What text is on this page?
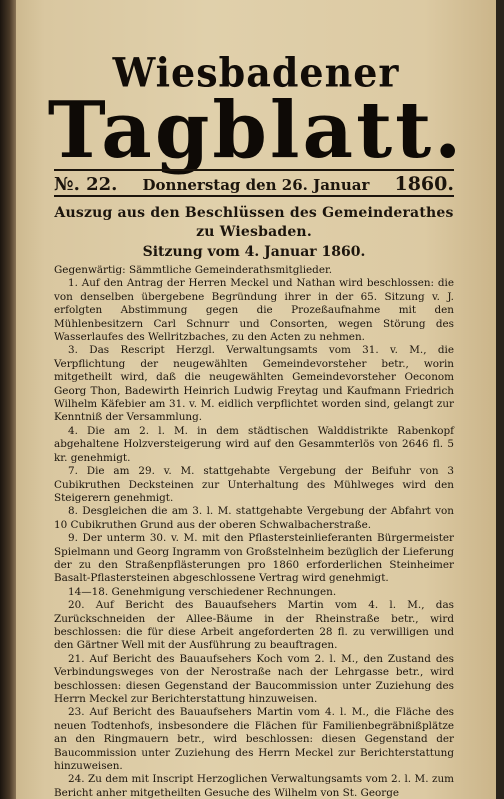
Wiesbadener
Tagblatt.
№. 22. Donnerstag den 26. Januar 1860.
Auszug aus den Beschlüssen des Gemeinderathes zu Wiesbaden.
Sitzung vom 4. Januar 1860.

Gegenwärtig: Sämmtliche Gemeinderathsmitglieder.

1. Auf den Antrag der Herren Meckel und Nathan wird beschlossen: die von denselben übergebene Begründung ihrer in der 65. Sitzung v. J. erfolgten Abstimmung gegen die Prozeßaufnahme mit den Mühlenbesitzern Carl Schnurr und Consorten, wegen Störung des Wasserlaufes des Wellritzbaches, zu den Acten zu nehmen.

3. Das Rescript Herzgl. Verwaltungsamts vom 31. v. M., die Verpflichtung der neugewählten Gemeindevorsteher betr., worin mitgetheilt wird, daß die neugewählten Gemeindevorsteher Oeconom Georg Thon, Badewirth Heinrich Ludwig Freytag und Kaufmann Friedrich Wilhelm Käfebier am 31. v. M. eidlich verpflichtet worden sind, gelangt zur Kenntniß der Versammlung.

4. Die am 2. l. M. in dem städtischen Walddistrikte Rabenkopf abgehaltene Holzversteigerung wird auf den Gesammterlös von 2646 fl. 5 kr. genehmigt.

7. Die am 29. v. M. stattgehabte Vergebung der Beifuhr von 3 Cubikruthen Decksteinen zur Unterhaltung des Mühlweges wird den Steigerern genehmigt.

8. Desgleichen die am 3. l. M. stattgehabte Vergebung der Abfahrt von 10 Cubikruthen Grund aus der oberen Schwalbacherstraße.

9. Der unterm 30. v. M. mit den Pflastersteinlieferanten Bürgermeister Spielmann und Georg Ingramm von Großstelnheim bezüglich der Lieferung der zu den Straßenpflästerungen pro 1860 erforderlichen Steinheimer Basalt-Pflastersteinen abgeschlossene Vertrag wird genehmigt.

14—18. Genehmigung verschiedener Rechnungen.

20. Auf Bericht des Bauaufsehers Martin vom 4. l. M., das Zurückschneiden der Allee-Bäume in der Rheinstraße betr., wird beschlossen: die für diese Arbeit angeforderten 28 fl. zu verwilligen und den Gärtner Well mit der Ausführung zu beauftragen.

21. Auf Bericht des Bauaufsehers Koch vom 2. l. M., den Zustand des Verbindungsweges von der Nerostraße nach der Lehrgasse betr., wird beschlossen: diesen Gegenstand der Baucommission unter Zuziehung des Herrn Meckel zur Berichterstattung hinzuweisen.

23. Auf Bericht des Bauaufsehers Martin vom 4. l. M., die Fläche des neuen Todtenhofs, insbesondere die Flächen für Familienbegräbnißplätze an den Ringmauern betr., wird beschlossen: diesen Gegenstand der Baucommission unter Zuziehung des Herrn Meckel zur Berichterstattung hinzuweisen.

24. Zu dem mit Inscript Herzoglichen Verwaltungsamts vom 2. l. M. zum Bericht anher mitgetheilten Gesuche des Wilhelm von St. George
